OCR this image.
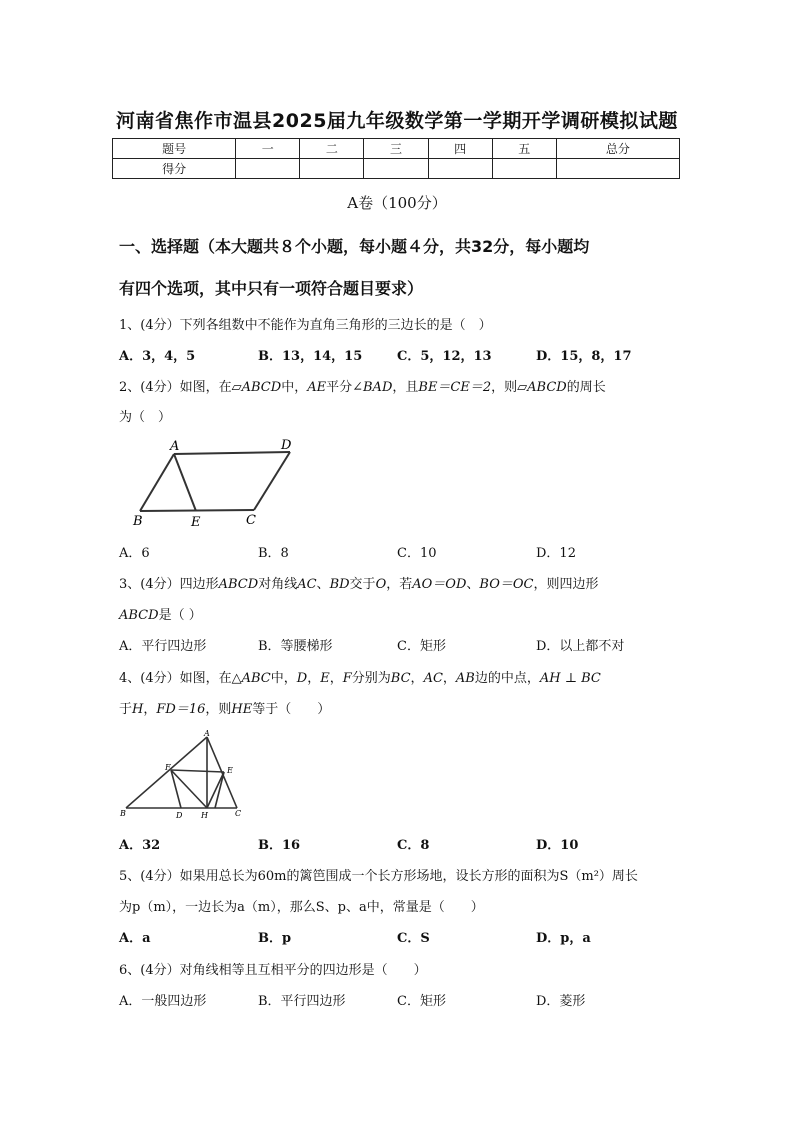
河南省焦作市温县2025届九年级数学第一学期开学调研模拟试题
题号	一	二	三	四	五	总分
得分						
A卷（100分）
一、选择题（本大题共８个小题，每小题４分，共32分，每小题均
有四个选项，其中只有一项符合题目要求）
1、(4分）下列各组数中不能作为直角三角形的三边长的是（　）
A．3，4，5	B．13，14，15	C．5，12，13	D．15，8，17
2、(4分）如图，在▱ABCD中，AE平分∠BAD，且BE＝CE＝2，则▱ABCD的周长
为（　）
A	D
B	E	C
A．6	B．8	C．10	D．12
3、(4分）四边形ABCD对角线AC、BD交于O，若AO＝OD、BO＝OC，则四边形
ABCD是（ ）
A．平行四边形	B．等腰梯形	C．矩形	D．以上都不对
4、(4分）如图，在△ABC中，D，E，F分别为BC，AC，AB边的中点，AH ⊥ BC
于H，FD＝16，则HE等于（　　）
A
F	E
B	D H	C
A．32	B．16	C．8	D．10
5、(4分）如果用总长为60m的篱笆围成一个长方形场地，设长方形的面积为S（m²）周长
为p（m），一边长为a（m），那么S、p、a中，常量是（　　）
A．a	B．p	C．S	D．p，a
6、(4分）对角线相等且互相平分的四边形是（　　）
A．一般四边形	B．平行四边形	C．矩形	D．菱形
